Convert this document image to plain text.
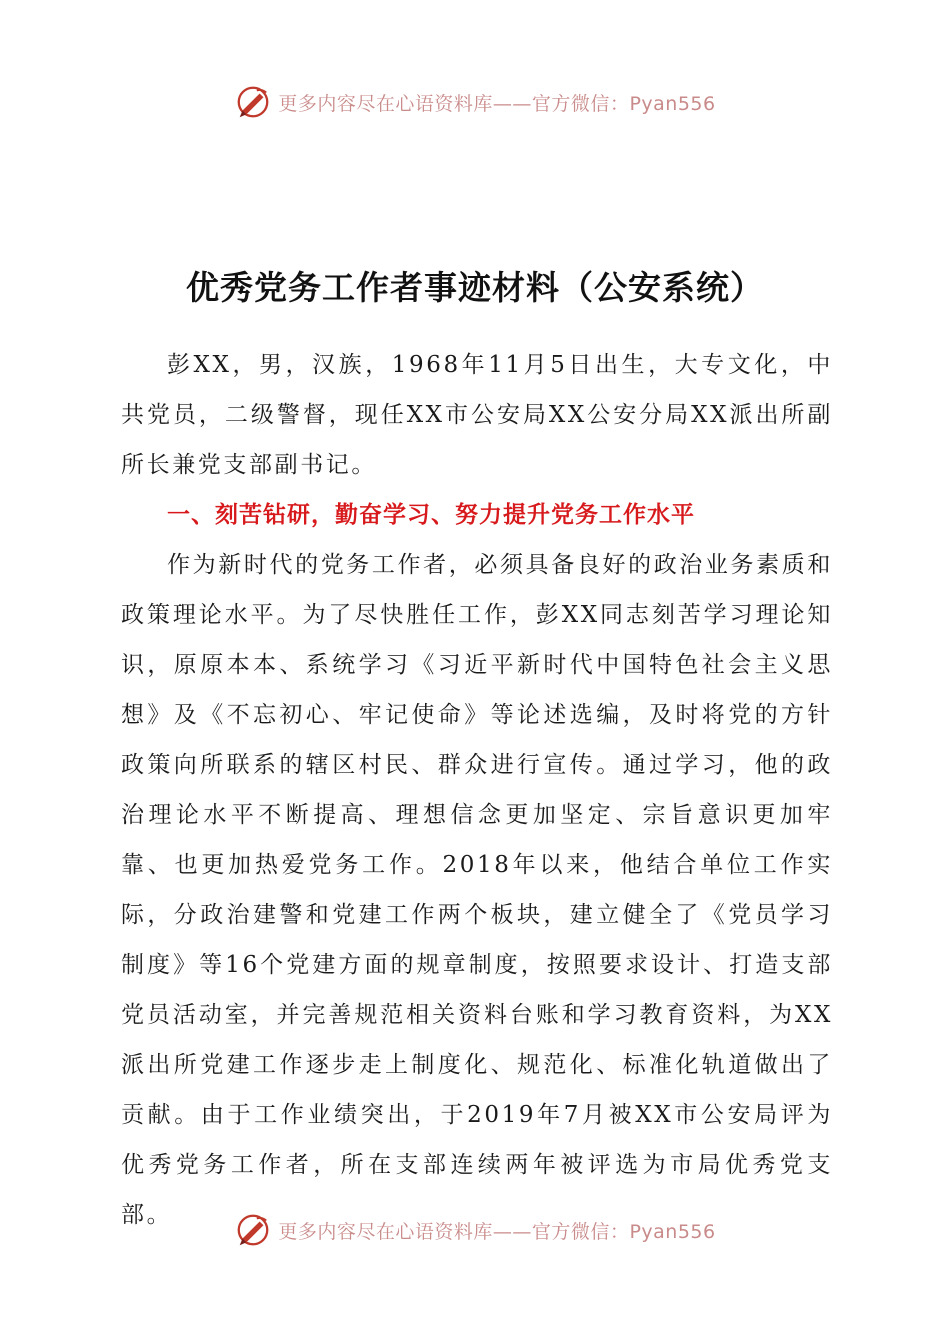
更多内容尽在心语资料库——官方微信：Pyan556
优秀党务工作者事迹材料（公安系统）

彭XX，男，汉族，1968年11月5日出生，大专文化，中共党员，二级警督，现任XX市公安局XX公安分局XX派出所副所长兼党支部副书记。

一、刻苦钻研，勤奋学习、努力提升党务工作水平

作为新时代的党务工作者，必须具备良好的政治业务素质和政策理论水平。为了尽快胜任工作，彭XX同志刻苦学习理论知识，原原本本、系统学习《习近平新时代中国特色社会主义思想》及《不忘初心、牢记使命》等论述选编，及时将党的方针政策向所联系的辖区村民、群众进行宣传。通过学习，他的政治理论水平不断提高、理想信念更加坚定、宗旨意识更加牢靠、也更加热爱党务工作。2018年以来，他结合单位工作实际，分政治建警和党建工作两个板块，建立健全了《党员学习制度》等16个党建方面的规章制度，按照要求设计、打造支部党员活动室，并完善规范相关资料台账和学习教育资料，为XX派出所党建工作逐步走上制度化、规范化、标准化轨道做出了贡献。由于工作业绩突出，于2019年7月被XX市公安局评为优秀党务工作者，所在支部连续两年被评选为市局优秀党支部。

更多内容尽在心语资料库——官方微信：Pyan556
